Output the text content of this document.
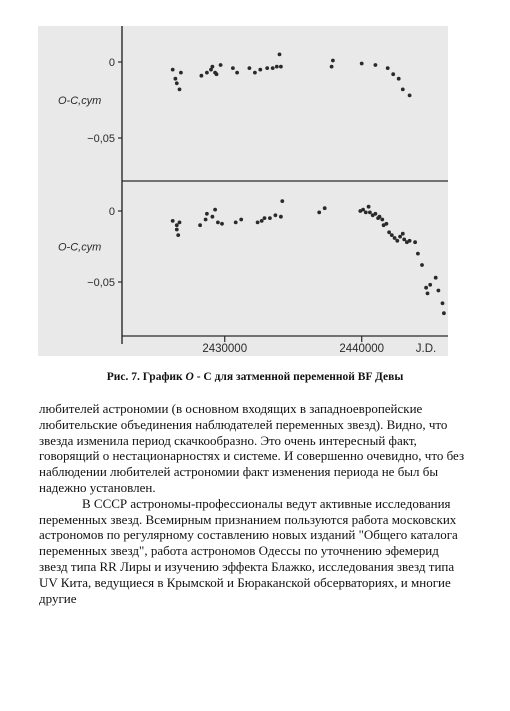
0
−0,05
O-C,сут
0
−0,05
O-C,сут
2430000	2440000	J.D.
Рис. 7. График O - С для затменной переменной BF Девы

любителей астрономии (в основном входящих в западноевропейские любительские объединения наблюдателей переменных звезд). Видно, что звезда изменила период скачкообразно. Это очень интересный факт, говорящий о нестационарностях и системе. И совершенно очевидно, что без наблюдении любителей астрономии факт изменения периода не был бы надежно установлен.

В СССР астрономы-профессионалы ведут активные исследования переменных звезд. Всемирным признанием пользуются работа московских астрономов по регулярному составлению новых изданий "Общего каталога переменных звезд", работа астрономов Одессы по уточнению эфемерид звезд типа RR Лиры и изучению эффекта Блажко, исследования звезд типа UV Кита, ведущиеся в Крымской и Бюраканской обсерваториях, и многие другие
